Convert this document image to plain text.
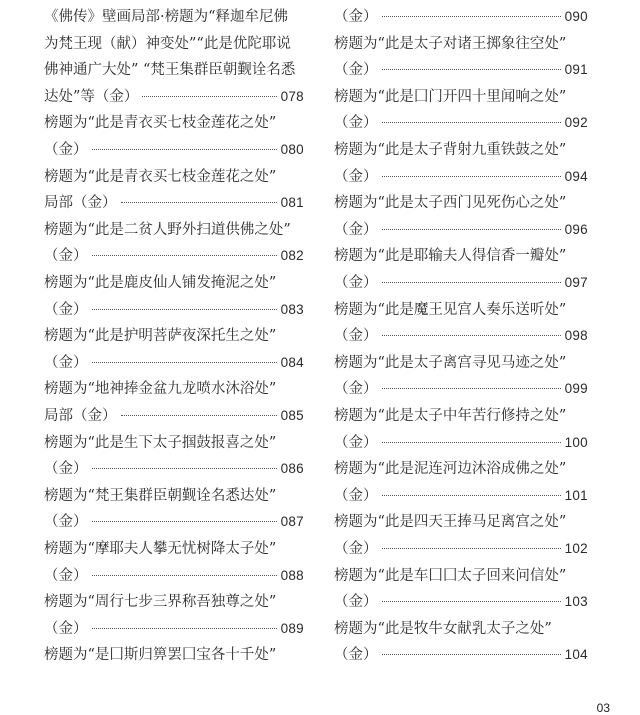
《佛传》壁画局部·榜题为“释迦牟尼佛
为梵王现（献）神变处”“此是优陀耶说
佛神通广大处” “梵王集群臣朝觐诠名悉
达处”等（金）	078
榜题为“此是青衣买七枝金莲花之处”
（金）	080
榜题为“此是青衣买七枝金莲花之处”
局部（金）	081
榜题为“此是二贫人野外扫道供佛之处”
（金）	082
榜题为“此是鹿皮仙人铺发掩泥之处”
（金）	083
榜题为“此是护明菩萨夜深托生之处”
（金）	084
榜题为“地神捧金盆九龙喷水沐浴处”
局部（金）	085
榜题为“此是生下太子掴鼓报喜之处”
（金）	086
榜题为“梵王集群臣朝觐诠名悉达处”
（金）	087
榜题为“摩耶夫人攀无忧树降太子处”
（金）	088
榜题为“周行七步三界称吾独尊之处”
（金）	089
榜题为“是囗斯归箅罢囗宝各十千处”
（金）	090
榜题为“此是太子对诸王掷象往空处”
（金）	091
榜题为“此是囗门开四十里闻响之处”
（金）	092
榜题为“此是太子背射九重铁鼓之处”
（金）	094
榜题为“此是太子西门见死伤心之处”
（金）	096
榜题为“此是耶输夫人得信香一瓣处”
（金）	097
榜题为“此是魔王见宫人奏乐送听处”
（金）	098
榜题为“此是太子离宫寻见马迹之处”
（金）	099
榜题为“此是太子中年苦行修持之处”
（金）	100
榜题为“此是泥连河边沐浴成佛之处”
（金）	101
榜题为“此是四天王捧马足离宫之处”
（金）	102
榜题为“此是车囗囗太子回来问信处”
（金）	103
榜题为“此是牧牛女献乳太子之处”
（金）	104
03
